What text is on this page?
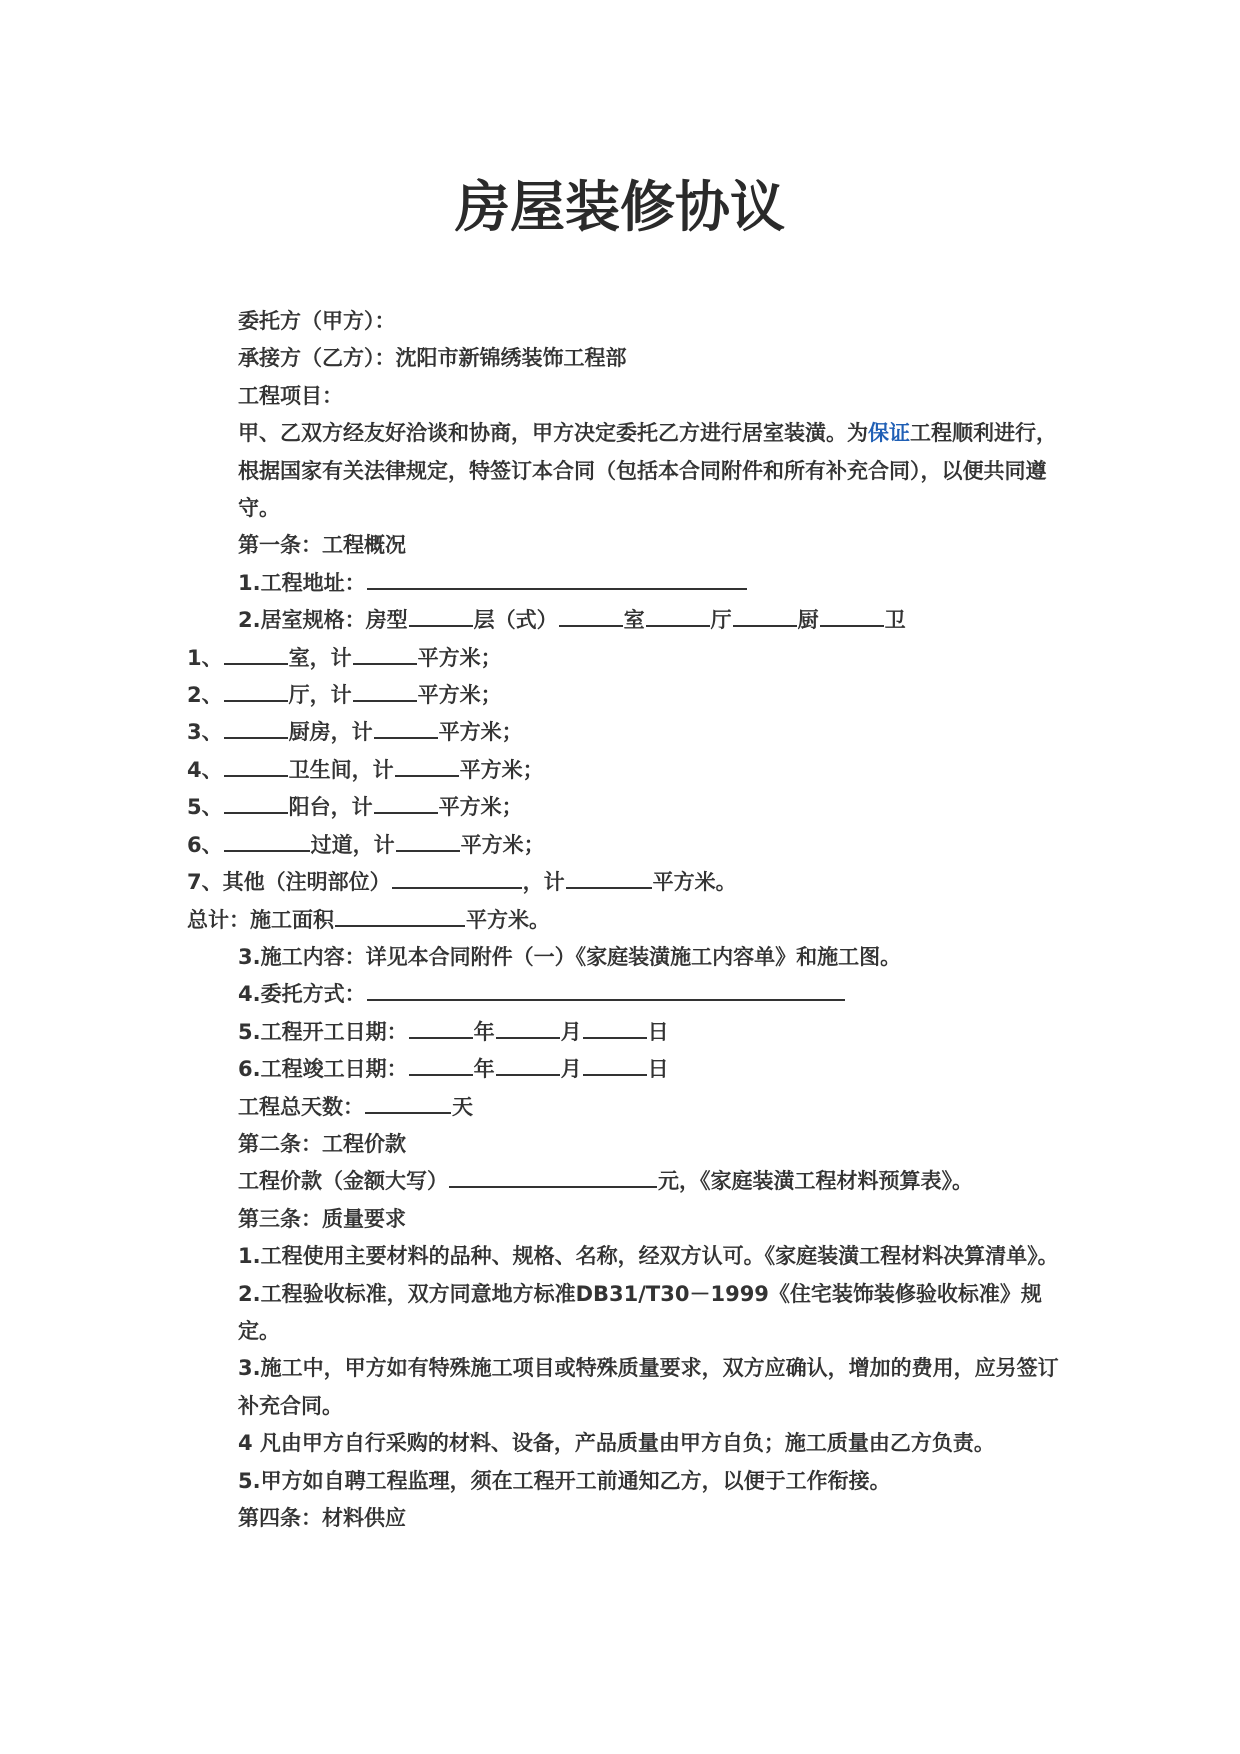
房屋装修协议

委托方（甲方）：

承接方（乙方）：沈阳市新锦绣装饰工程部

工程项目：

甲、乙双方经友好洽谈和协商，甲方决定委托乙方进行居室装潢。为保证工程顺利进行，根据国家有关法律规定，特签订本合同（包括本合同附件和所有补充合同），以便共同遵守。

第一条：工程概况

1.工程地址：

2.居室规格：房型	层（式）	室	厅	厨	卫

1、	室，计	平方米；

2、	厅，计	平方米；

3、	厨房，计	平方米；

4、	卫生间，计	平方米；

5、	阳台，计	平方米；

6、	过道，计	平方米；

7、其他（注明部位）	，计	平方米。

总计：施工面积	平方米。

3.施工内容：详见本合同附件（一）《家庭装潢施工内容单》和施工图。

4.委托方式：

5.工程开工日期：	年	月	日

6.工程竣工日期：	年	月	日

工程总天数：	天

第二条：工程价款

工程价款（金额大写）	元，《家庭装潢工程材料预算表》。

第三条：质量要求

1.工程使用主要材料的品种、规格、名称，经双方认可。《家庭装潢工程材料决算清单》。

2.工程验收标准，双方同意地方标准DB31/T30－1999《住宅装饰装修验收标准》规定。

3.施工中，甲方如有特殊施工项目或特殊质量要求，双方应确认，增加的费用，应另签订补充合同。

4 凡由甲方自行采购的材料、设备，产品质量由甲方自负；施工质量由乙方负责。

5.甲方如自聘工程监理，须在工程开工前通知乙方，以便于工作衔接。

第四条：材料供应
